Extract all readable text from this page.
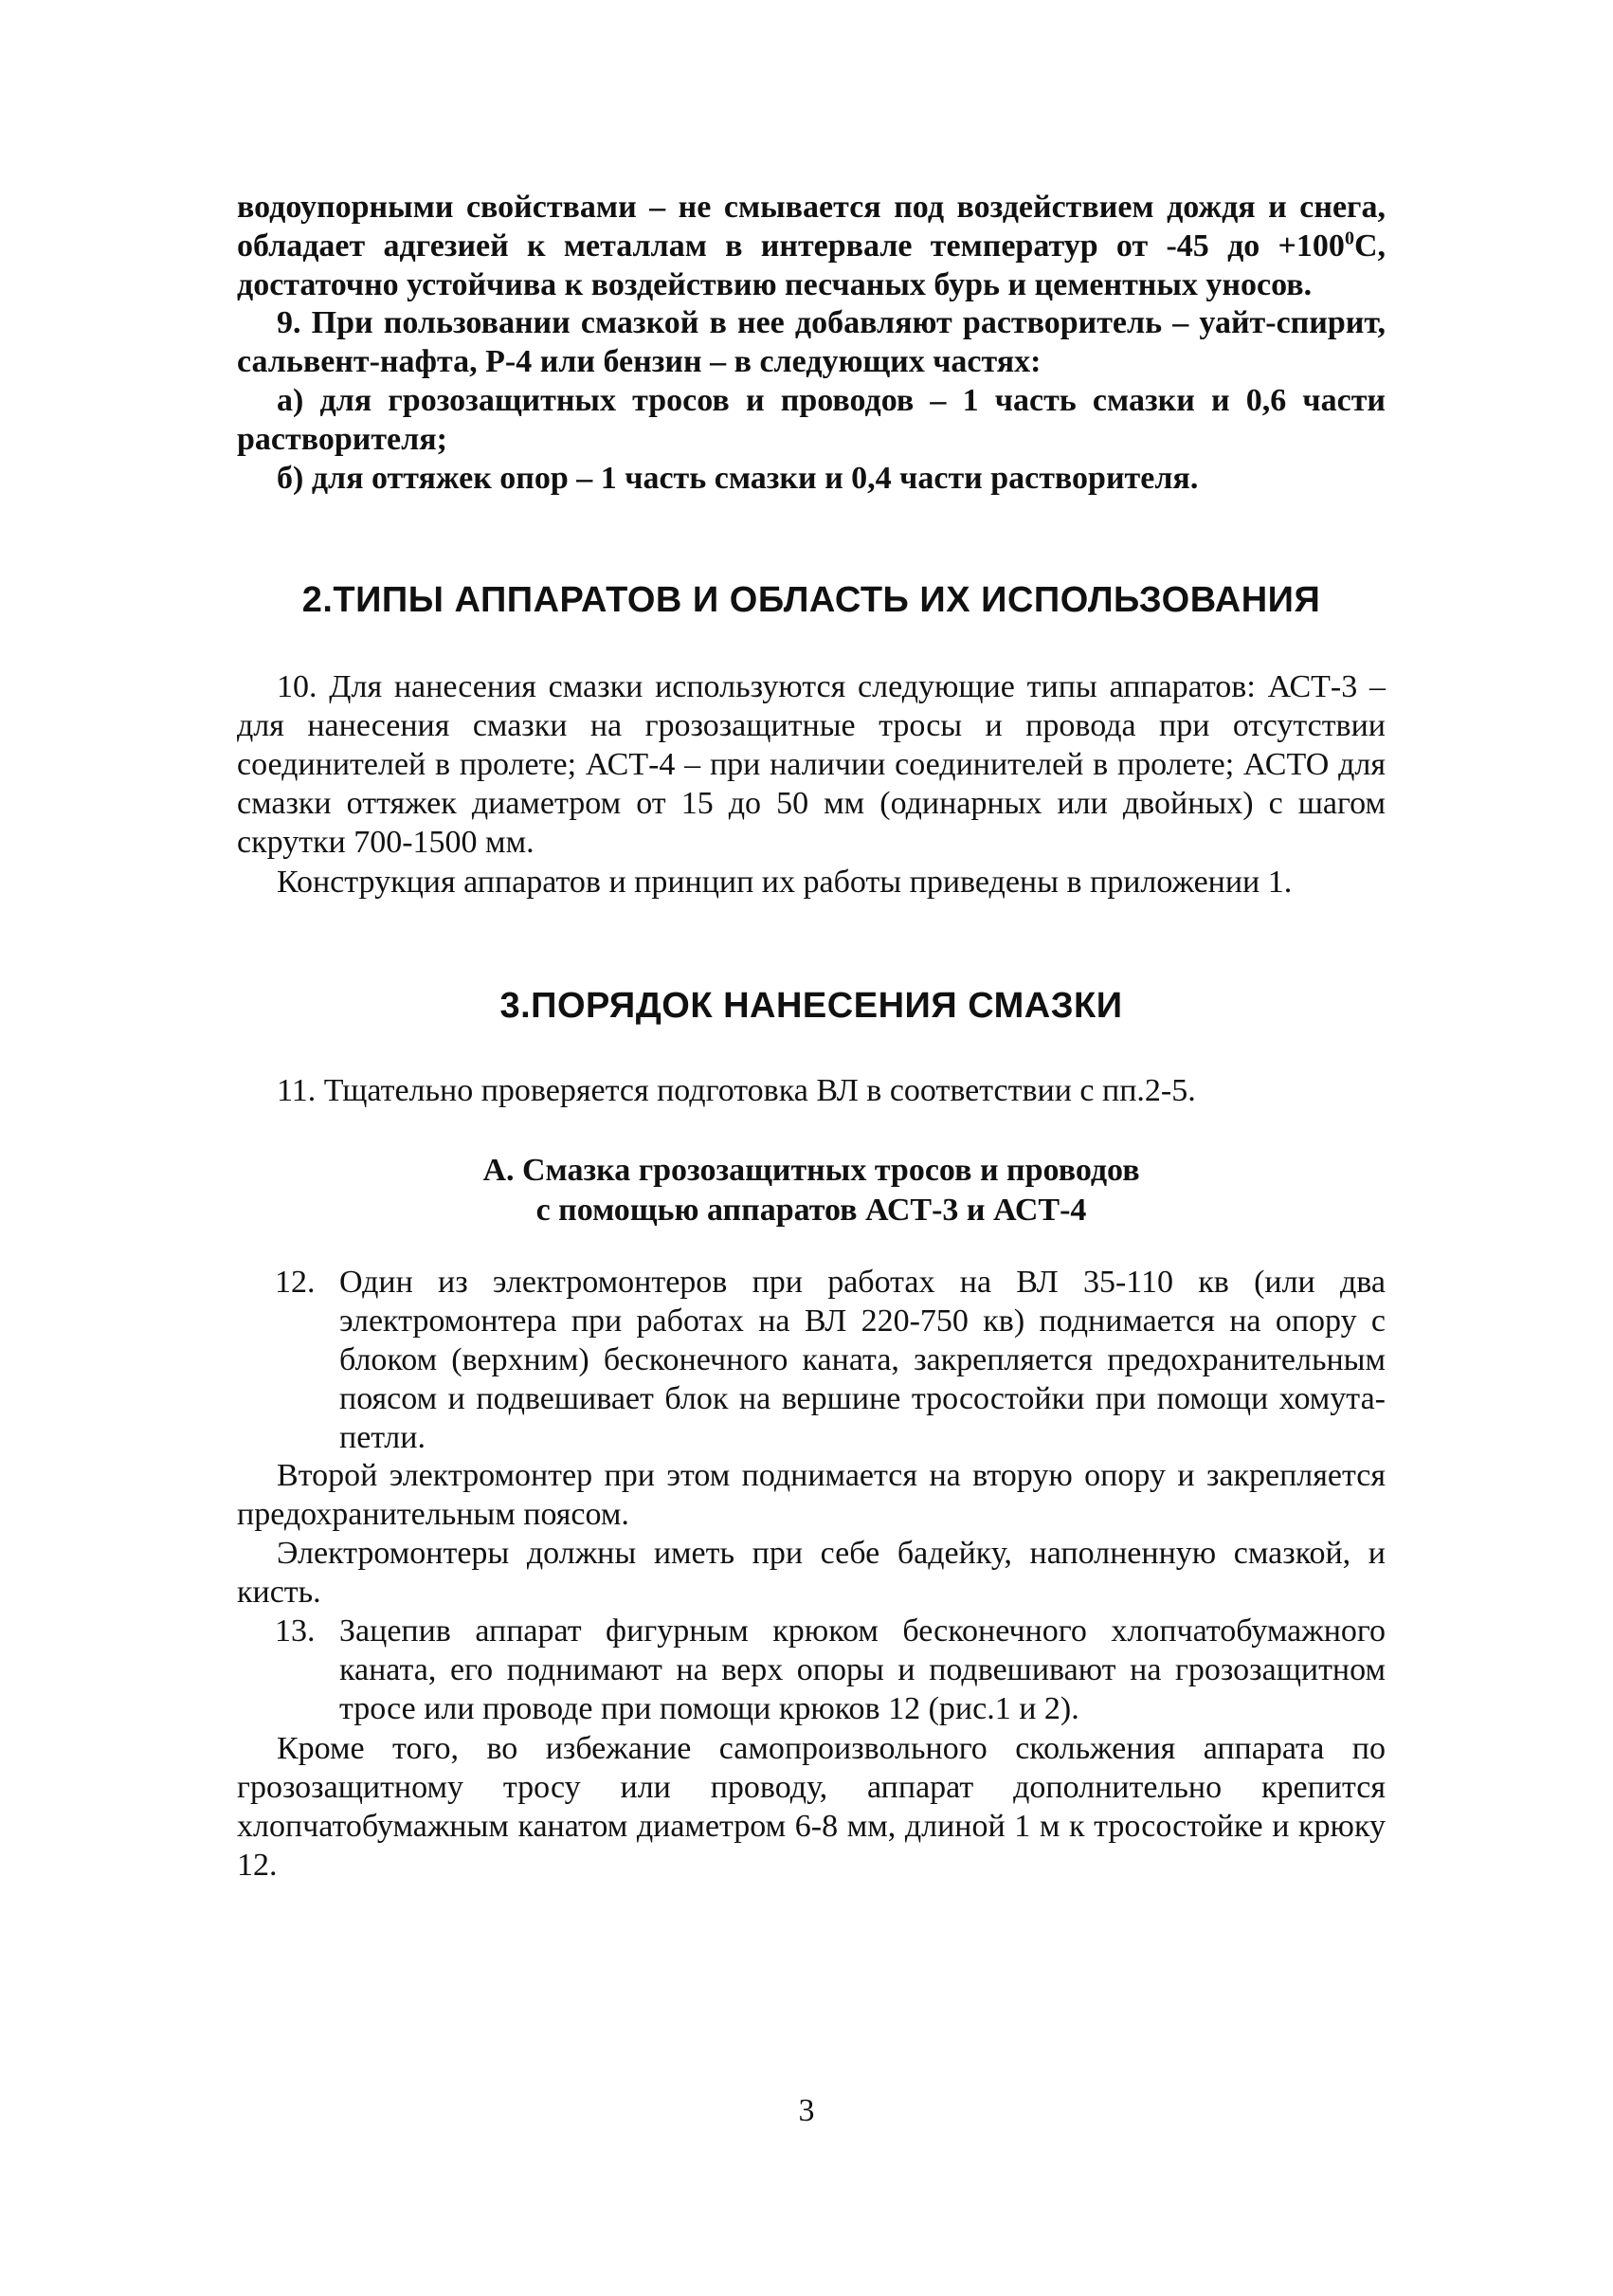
водоупорными свойствами – не смывается под воздействием дождя и снега,
обладает адгезией к металлам в интервале температур от -45 до $+100^0С$,
достаточно устойчива к воздействию песчаных бурь и цементных уносов.
9. При пользовании смазкой в нее добавляют растворитель – уайт-спирит, сальвент-нафта, Р-4 или бензин – в следующих частях:
а) для грозозащитных тросов и проводов – 1 часть смазки и 0,6 части растворителя;
б) для оттяжек опор – 1 часть смазки и 0,4 части растворителя.
2.ТИПЫ АППАРАТОВ И ОБЛАСТЬ ИХ ИСПОЛЬЗОВАНИЯ
10. Для нанесения смазки используются следующие типы аппаратов: АСТ-3 – для нанесения смазки на грозозащитные тросы и провода при отсутствии соединителей в пролете; АСТ-4 – при наличии соединителей в пролете; АСТО для смазки оттяжек диаметром от 15 до 50 мм (одинарных или двойных) с шагом скрутки 700-1500 мм.
Конструкция аппаратов и принцип их работы приведены в приложении 1.
3.ПОРЯДОК НАНЕСЕНИЯ СМАЗКИ
11. Тщательно проверяется подготовка ВЛ в соответствии с пп.2-5.
А. Смазка грозозащитных тросов и проводов
с помощью аппаратов АСТ-3 и АСТ-4
12. Один из электромонтеров при работах на ВЛ 35-110 кв (или два электромонтера при работах на ВЛ 220-750 кв) поднимается на опору с блоком (верхним) бесконечного каната, закрепляется предохранительным поясом и подвешивает блок на вершине тросостойки при помощи хомута-петли.
Второй электромонтер при этом поднимается на вторую опору и закрепляется предохранительным поясом.
Электромонтеры должны иметь при себе бадейку, наполненную смазкой, и кисть.
13. Зацепив аппарат фигурным крюком бесконечного хлопчатобумажного каната, его поднимают на верх опоры и подвешивают на грозозащитном тросе или проводе при помощи крюков 12 (рис.1 и 2).
Кроме того, во избежание самопроизвольного скольжения аппарата по грозозащитному тросу или проводу, аппарат дополнительно крепится хлопчатобумажным канатом диаметром 6-8 мм, длиной 1 м к тросостойке и крюку 12.
3
